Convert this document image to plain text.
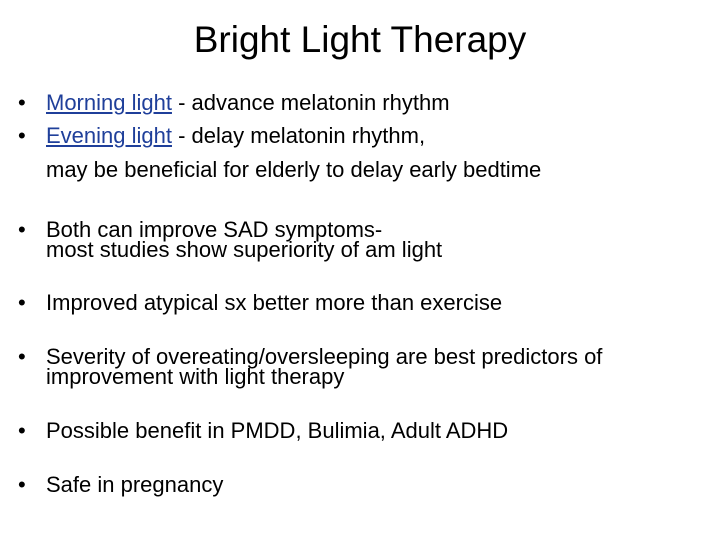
Bright Light Therapy
• Morning light - advance melatonin rhythm
• Evening light - delay melatonin rhythm,
may be beneficial for elderly to delay early bedtime
• Both can improve SAD symptoms-
most studies show superiority of am light
• Improved atypical sx better more than exercise
• Severity of overeating/oversleeping are best predictors of
improvement with light therapy
• Possible benefit in PMDD, Bulimia, Adult ADHD
• Safe in pregnancy
